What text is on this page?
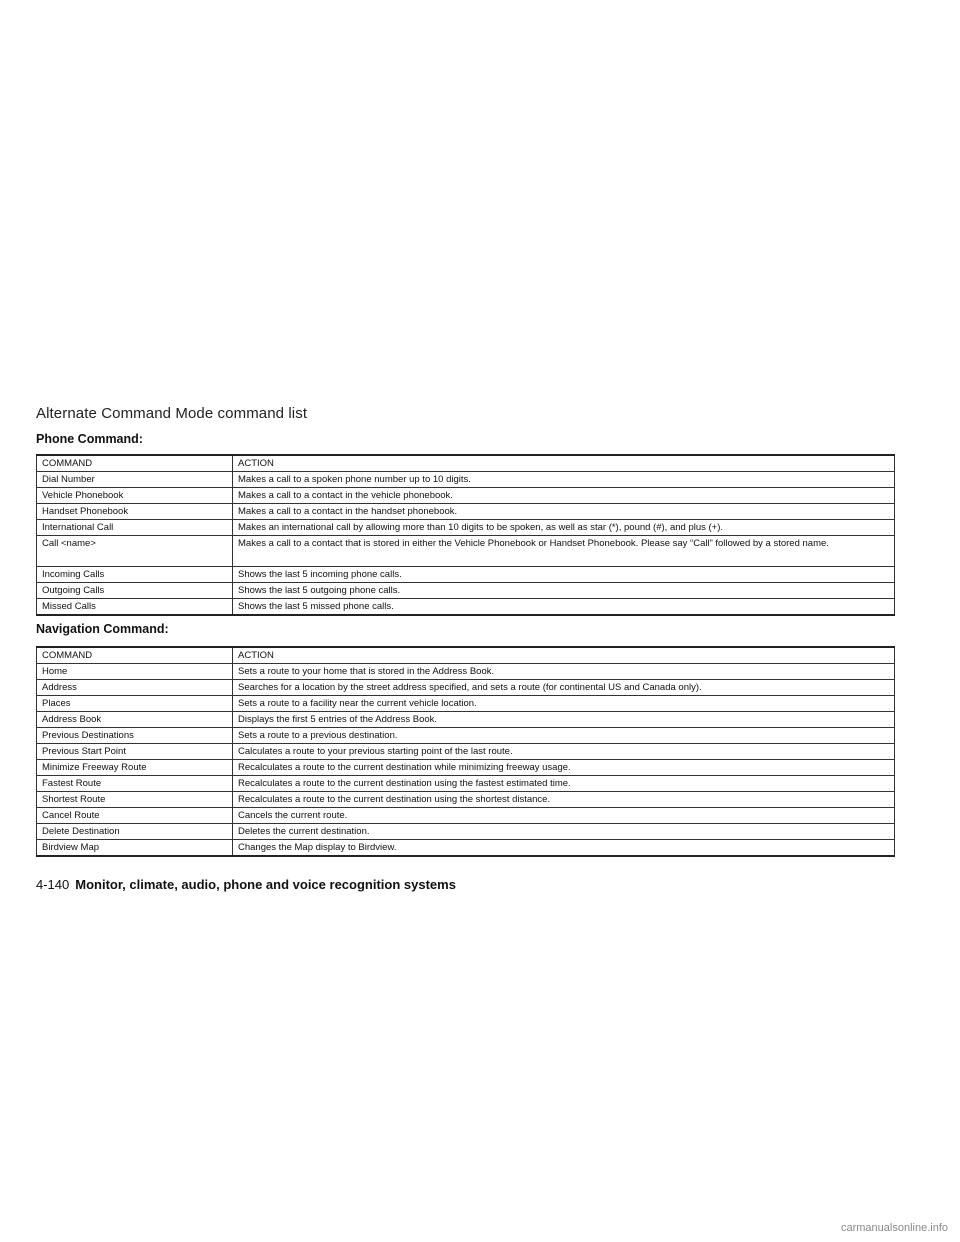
Alternate Command Mode command list
Phone Command:
COMMAND	ACTION
Dial Number	Makes a call to a spoken phone number up to 10 digits.
Vehicle Phonebook	Makes a call to a contact in the vehicle phonebook.
Handset Phonebook	Makes a call to a contact in the handset phonebook.
International Call	Makes an international call by allowing more than 10 digits to be spoken, as well as star (*), pound (#), and plus (+).
Call <name>	Makes a call to a contact that is stored in either the Vehicle Phonebook or Handset Phonebook. Please say “Call” followed by a stored name.
Incoming Calls	Shows the last 5 incoming phone calls.
Outgoing Calls	Shows the last 5 outgoing phone calls.
Missed Calls	Shows the last 5 missed phone calls.
Navigation Command:
COMMAND	ACTION
Home	Sets a route to your home that is stored in the Address Book.
Address	Searches for a location by the street address specified, and sets a route (for continental US and Canada only).
Places	Sets a route to a facility near the current vehicle location.
Address Book	Displays the first 5 entries of the Address Book.
Previous Destinations	Sets a route to a previous destination.
Previous Start Point	Calculates a route to your previous starting point of the last route.
Minimize Freeway Route	Recalculates a route to the current destination while minimizing freeway usage.
Fastest Route	Recalculates a route to the current destination using the fastest estimated time.
Shortest Route	Recalculates a route to the current destination using the shortest distance.
Cancel Route	Cancels the current route.
Delete Destination	Deletes the current destination.
Birdview Map	Changes the Map display to Birdview.
4-140 Monitor, climate, audio, phone and voice recognition systems
carmanualsonline.info
